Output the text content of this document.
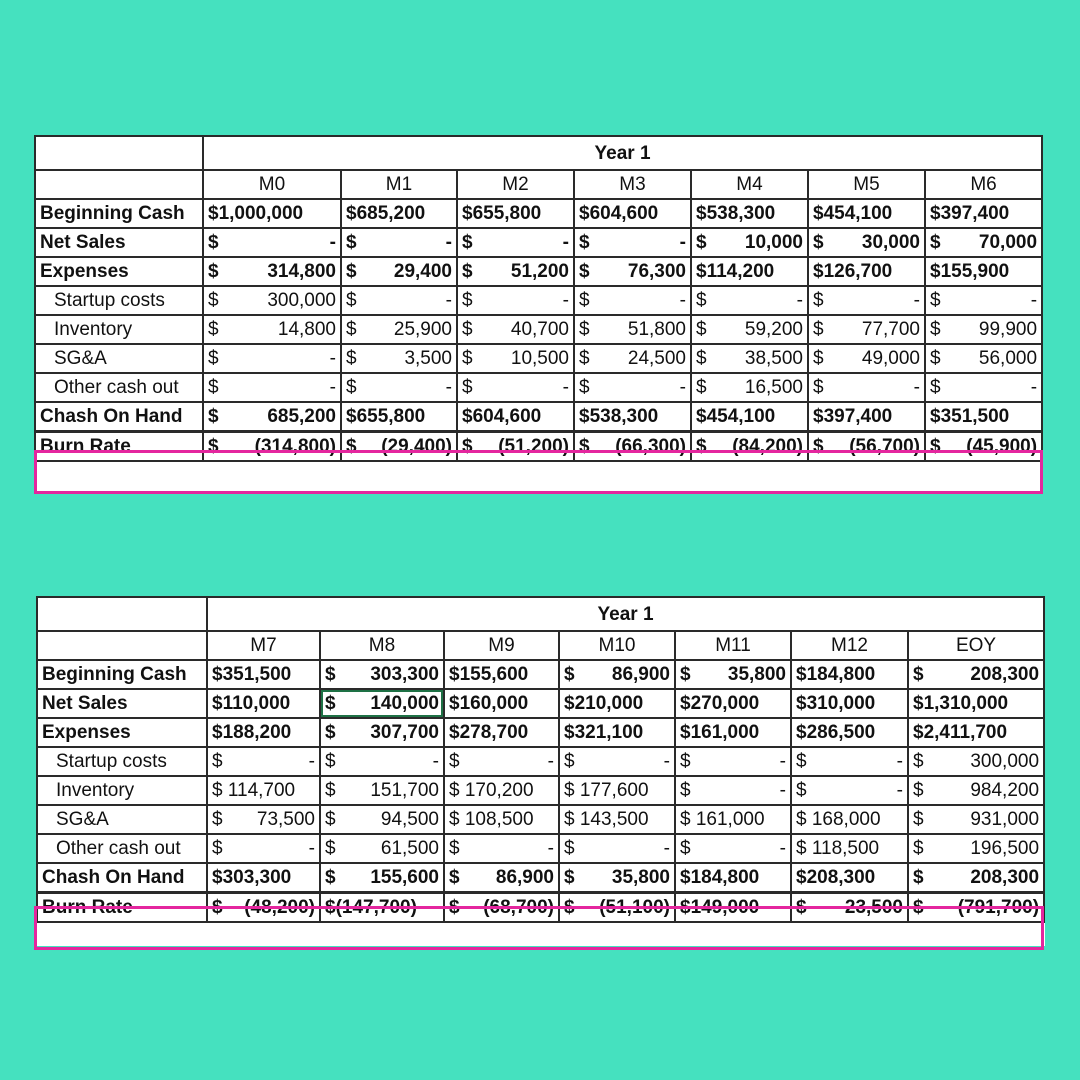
	Year 1						
	M0	M1	M2	M3	M4	M5	M6
Beginning Cash	$1,000,000	$685,200	$655,800	$604,600	$538,300	$454,100	$397,400

Net Sales	$ -	$ -	$ -	$ -	$ 10,000	$ 30,000	$ 70,000

Expenses	$ 314,800	$ 29,400	$ 51,200	$ 76,300	$114,200	$126,700	$155,900

Startup costs	$ 300,000	$ -	$ -	$ -	$ -	$ -	$ -

Inventory	$ 14,800	$ 25,900	$ 40,700	$ 51,800	$ 59,200	$ 77,700	$ 99,900

SG&A	$ -	$ 3,500	$ 10,500	$ 24,500	$ 38,500	$ 49,000	$ 56,000

Other cash out	$ -	$ -	$ -	$ -	$ 16,500	$ -	$ -

Chash On Hand	$ 685,200	$655,800	$604,600	$538,300	$454,100	$397,400	$351,500

Burn Rate	$ (314,800)	$ (29,400)	$ (51,200)	$ (66,300)	$ (84,200)	$ (56,700)	$ (45,900)
	Year 1						
	M7	M8	M9	M10	M11	M12	EOY
Beginning Cash	$351,500	$ 303,300	$155,600	$ 86,900	$ 35,800	$184,800	$ 208,300

Net Sales	$110,000	$ 140,000	$160,000	$210,000	$270,000	$310,000	$1,310,000

Expenses	$188,200	$ 307,700	$278,700	$321,100	$161,000	$286,500	$2,411,700

Startup costs	$ -	$ -	$ -	$ -	$ -	$ -	$ 300,000

Inventory	$ 114,700	$ 151,700	$ 170,200	$ 177,600	$ -	$ -	$ 984,200

SG&A	$ 73,500	$ 94,500	$ 108,500	$ 143,500	$ 161,000	$ 168,000	$ 931,000

Other cash out	$ -	$ 61,500	$ -	$ -	$ -	$ 118,500	$ 196,500

Chash On Hand	$303,300	$ 155,600	$ 86,900	$ 35,800	$184,800	$208,300	$ 208,300

Burn Rate	$ (48,200)	$(147,700)	$ (68,700)	$ (51,100)	$149,000	$ 23,500	$ (791,700)
